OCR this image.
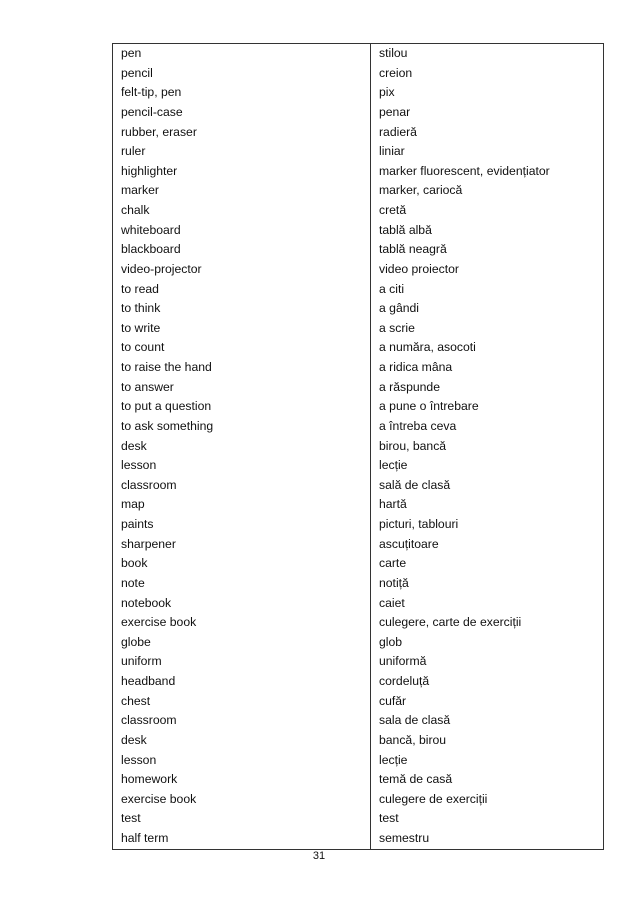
pen	stilou
pencil	creion
felt-tip, pen	pix
pencil-case	penar
rubber, eraser	radieră
ruler	liniar
highlighter	marker fluorescent, evidențiator
marker	marker, cariocă
chalk	cretă
whiteboard	tablă albă
blackboard	tablă neagră
video-projector	video proiector
to read	a citi
to think	a gândi
to write	a scrie
to count	a număra, asocoti
to raise the hand	a ridica mâna
to answer	a răspunde
to put a question	a pune o întrebare
to ask something	a întreba ceva
desk	birou, bancă
lesson	lecție
classroom	sală de clasă
map	hartă
paints	picturi, tablouri
sharpener	ascuțitoare
book	carte
note	notiță
notebook	caiet
exercise book	culegere, carte de exerciții
globe	glob
uniform	uniformă
headband	cordeluță
chest	cufăr
classroom	sala de clasă
desk	bancă, birou
lesson	lecție
homework	temă de casă
exercise book	culegere de exerciții
test	test
half term	semestru
31
